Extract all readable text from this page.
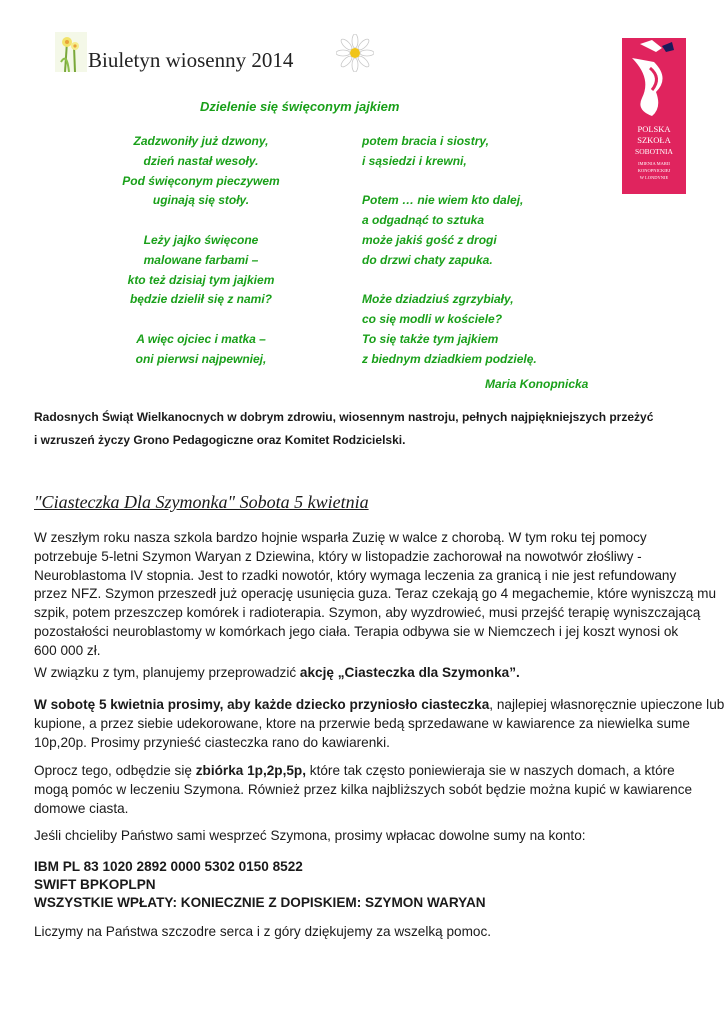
Biuletyn wiosenny 2014
POLSKA
SZKOŁA
SOBOTNIA
IMIENIA MARII
KONOPNICKIEJ
W LONDYNIE
Dzielenie się święconym jajkiem
Zadzwoniły już dzwony,
dzień nastał wesoły.
Pod święconym pieczywem
uginają się stoły.
Leży jajko święcone
malowane farbami –
kto też dzisiaj tym jajkiem
będzie dzielił się z nami?
A więc ojciec i matka –
oni pierwsi najpewniej,
potem bracia i siostry,
i sąsiedzi i krewni,
Potem … nie wiem kto dalej,
a odgadnąć to sztuka
może jakiś gość z drogi
do drzwi chaty zapuka.
Może dziadziuś zgrzybiały,
co się modli w kościele?
To się także tym jajkiem
z biednym dziadkiem podzielę.
Maria Konopnicka
Radosnych Świąt Wielkanocnych w dobrym zdrowiu, wiosennym nastroju, pełnych najpiękniejszych przeżyć
i wzruszeń życzy Grono Pedagogiczne oraz Komitet Rodzicielski.
"Ciasteczka Dla Szymonka" Sobota 5 kwietnia
W zeszłym roku nasza szkola bardzo hojnie wsparła Zuzię w walce z chorobą. W tym roku tej pomocy
potrzebuje 5-letni Szymon Waryan z Dziewina, który w listopadzie zachorował na nowotwór złośliwy -
Neuroblastoma IV stopnia. Jest to rzadki nowotór, który wymaga leczenia za granicą i nie jest refundowany
przez NFZ. Szymon przeszedł już operację usunięcia guza. Teraz czekają go 4 megachemie, które wyniszczą mu
szpik, potem przeszczep komórek i radioterapia. Szymon, aby wyzdrowieć, musi przejść terapię wyniszczającą
pozostałości neuroblastomy w komórkach jego ciała. Terapia odbywa sie w Niemczech i jej koszt wynosi ok
600 000 zł.
W związku z tym, planujemy przeprowadzić akcję „Ciasteczka dla Szymonka”.
W sobotę 5 kwietnia prosimy, aby każde dziecko przyniosło ciasteczka, najlepiej własnoręcznie upieczone lub
kupione, a przez siebie udekorowane, ktore na przerwie bedą sprzedawane w kawiarence za niewielka sume
10p,20p. Prosimy przynieść ciasteczka rano do kawiarenki.
Oprocz tego, odbędzie się zbiórka 1p,2p,5p, które tak często poniewieraja sie w naszych domach, a które
mogą pomóc w leczeniu Szymona. Również przez kilka najbliższych sobót będzie można kupić w kawiarence
domowe ciasta.
Jeśli chcieliby Państwo sami wesprzeć Szymona, prosimy wpłacac dowolne sumy na konto:
IBM PL 83 1020 2892 0000 5302 0150 8522
SWIFT BPKOPLPN
WSZYSTKIE WPŁATY: KONIECZNIE Z DOPISKIEM: SZYMON WARYAN
Liczymy na Państwa szczodre serca i z góry dziękujemy za wszelką pomoc.
